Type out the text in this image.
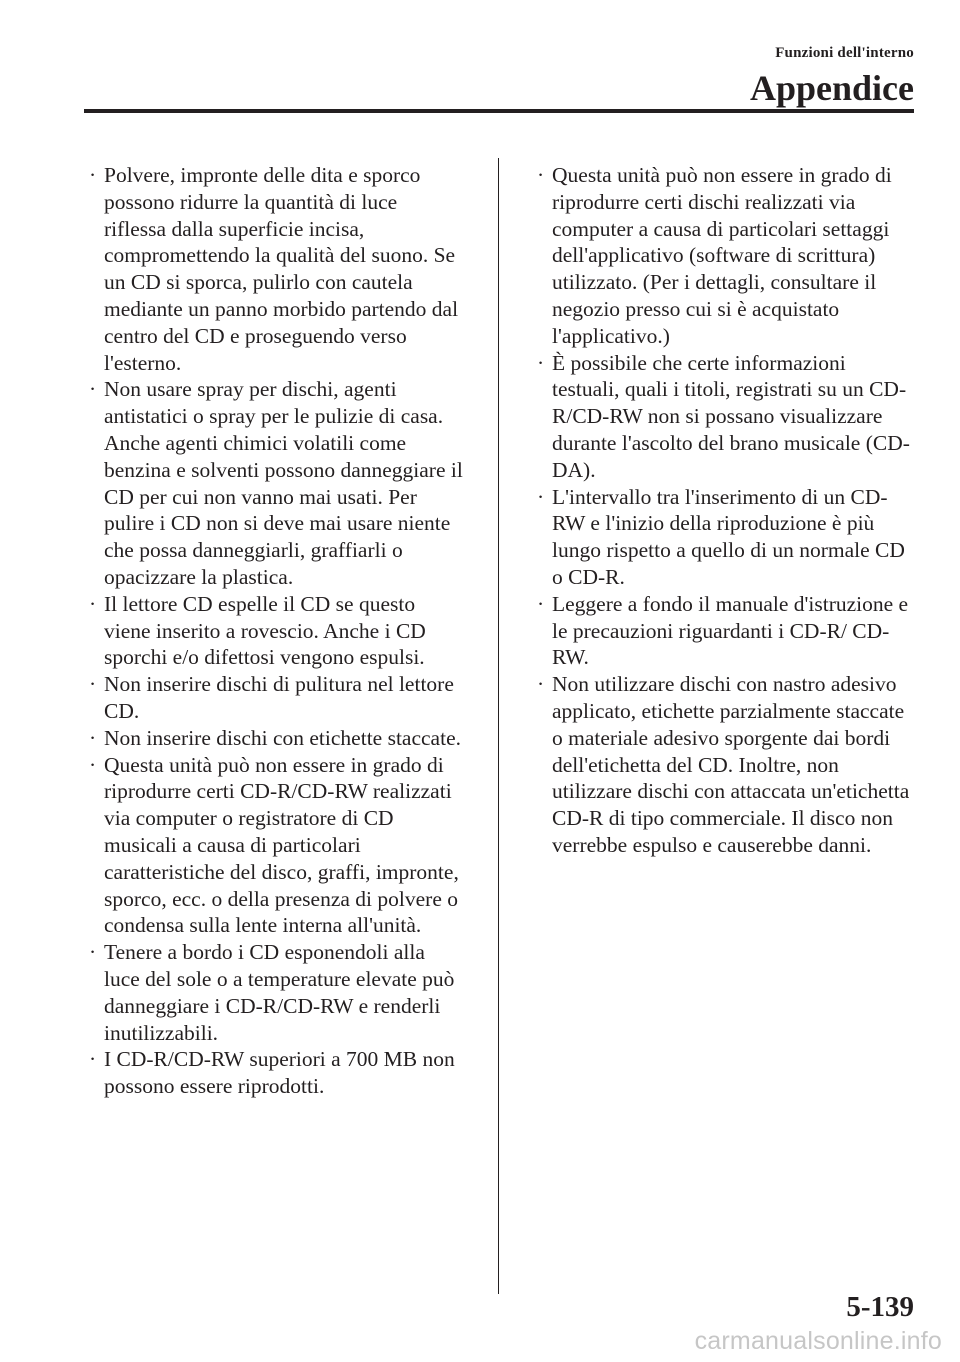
Funzioni dell'interno
Appendice
· Polvere, impronte delle dita e sporco possono ridurre la quantità di luce riflessa dalla superficie incisa, compromettendo la qualità del suono. Se un CD si sporca, pulirlo con cautela mediante un panno morbido partendo dal centro del CD e proseguendo verso l'esterno.
· Non usare spray per dischi, agenti antistatici o spray per le pulizie di casa. Anche agenti chimici volatili come benzina e solventi possono danneggiare il CD per cui non vanno mai usati. Per pulire i CD non si deve mai usare niente che possa danneggiarli, graffiarli o opacizzare la plastica.
· Il lettore CD espelle il CD se questo viene inserito a rovescio. Anche i CD sporchi e/o difettosi vengono espulsi.
· Non inserire dischi di pulitura nel lettore CD.
· Non inserire dischi con etichette staccate.
· Questa unità può non essere in grado di riprodurre certi CD-R/CD-RW realizzati via computer o registratore di CD musicali a causa di particolari caratteristiche del disco, graffi, impronte, sporco, ecc. o della presenza di polvere o condensa sulla lente interna all'unità.
· Tenere a bordo i CD esponendoli alla luce del sole o a temperature elevate può danneggiare i CD-R/CD-RW e renderli inutilizzabili.
· I CD-R/CD-RW superiori a 700 MB non possono essere riprodotti.
· Questa unità può non essere in grado di riprodurre certi dischi realizzati via computer a causa di particolari settaggi dell'applicativo (software di scrittura) utilizzato. (Per i dettagli, consultare il negozio presso cui si è acquistato l'applicativo.)
· È possibile che certe informazioni testuali, quali i titoli, registrati su un CD-R/CD-RW non si possano visualizzare durante l'ascolto del brano musicale (CD-DA).
· L'intervallo tra l'inserimento di un CD-RW e l'inizio della riproduzione è più lungo rispetto a quello di un normale CD o CD-R.
· Leggere a fondo il manuale d'istruzione e le precauzioni riguardanti i CD-R/ CD-RW.
· Non utilizzare dischi con nastro adesivo applicato, etichette parzialmente staccate o materiale adesivo sporgente dai bordi dell'etichetta del CD. Inoltre, non utilizzare dischi con attaccata un'etichetta CD-R di tipo commerciale. Il disco non verrebbe espulso e causerebbe danni.
5-139
carmanualsonline.info
